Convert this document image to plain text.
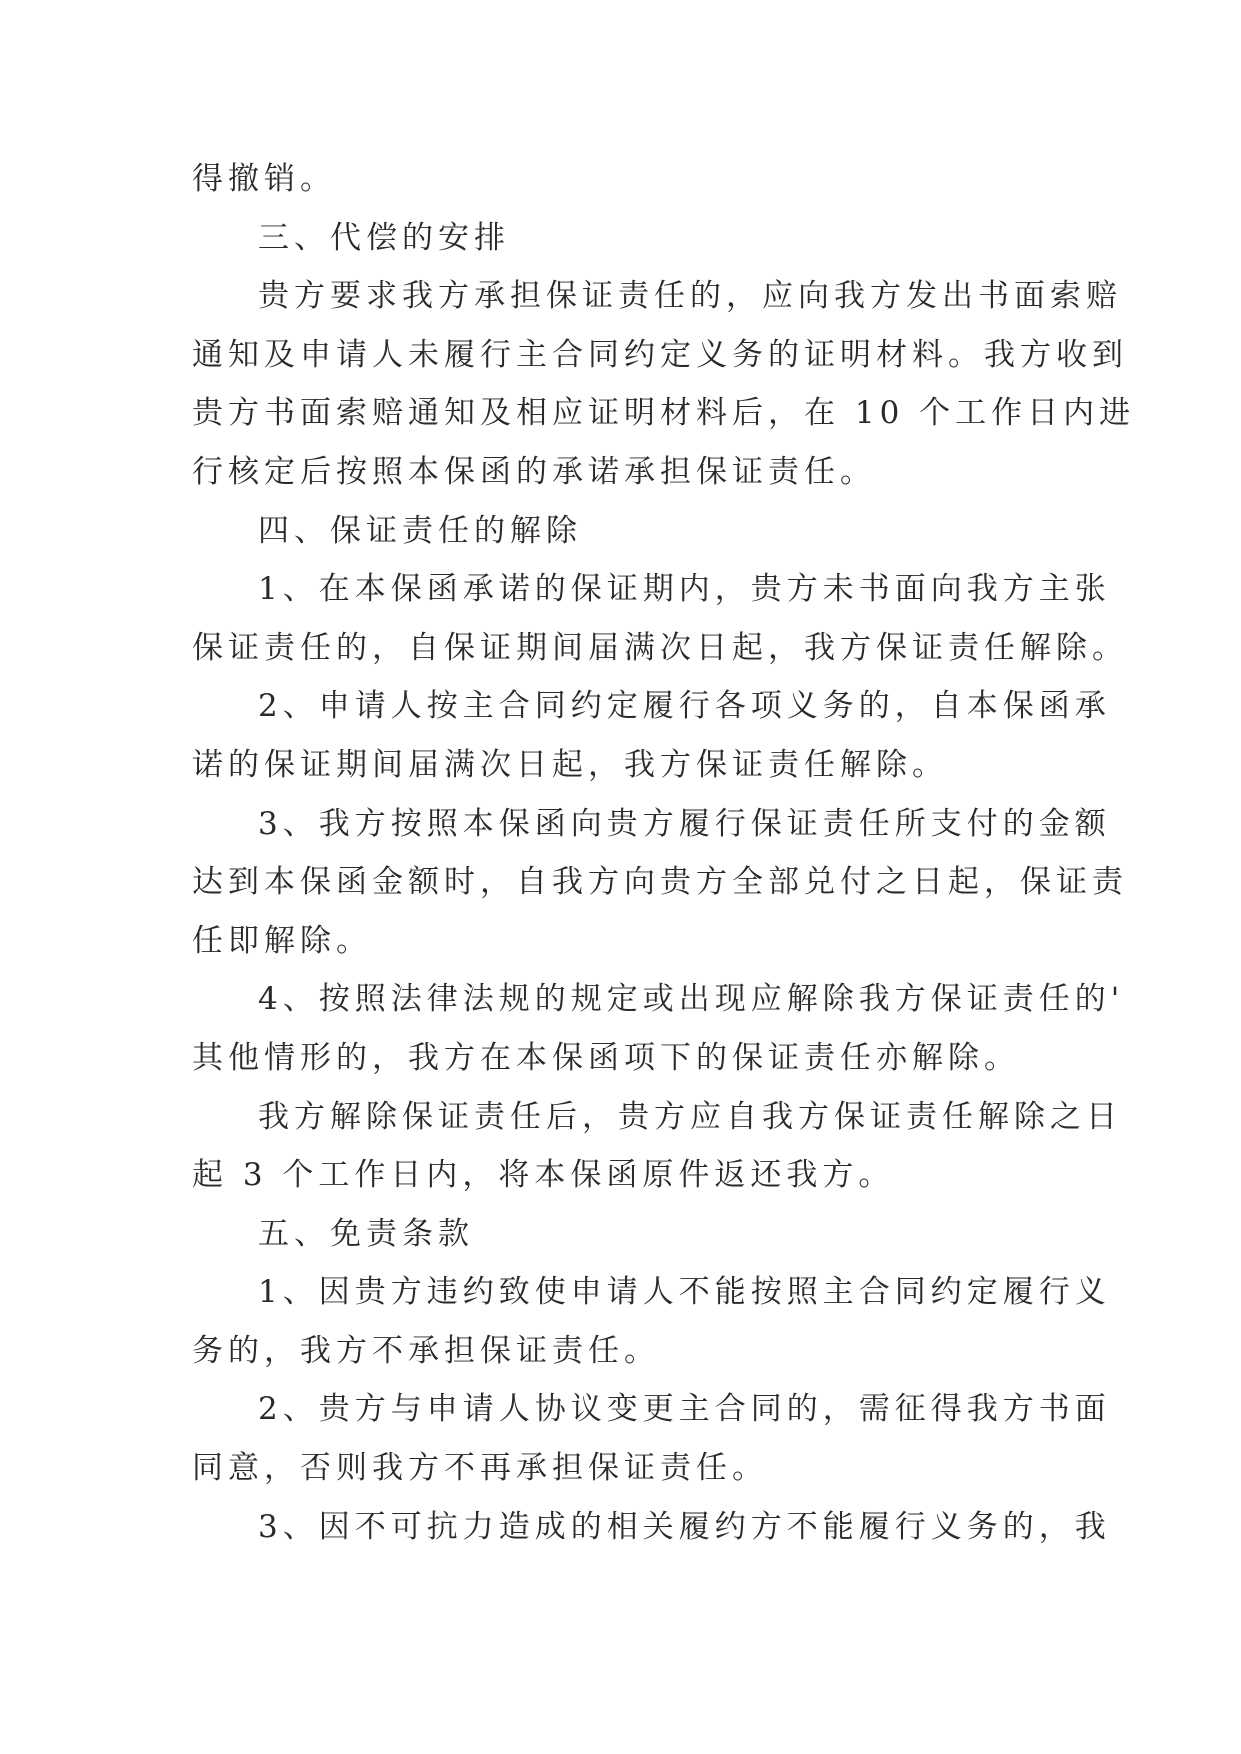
得撤销。
三、代偿的安排
贵方要求我方承担保证责任的，应向我方发出书面索赔
通知及申请人未履行主合同约定义务的证明材料。我方收到
贵方书面索赔通知及相应证明材料后，在 10 个工作日内进
行核定后按照本保函的承诺承担保证责任。
四、保证责任的解除
1、在本保函承诺的保证期内，贵方未书面向我方主张
保证责任的，自保证期间届满次日起，我方保证责任解除。
2、申请人按主合同约定履行各项义务的，自本保函承
诺的保证期间届满次日起，我方保证责任解除。
3、我方按照本保函向贵方履行保证责任所支付的金额
达到本保函金额时，自我方向贵方全部兑付之日起，保证责
任即解除。
4、按照法律法规的规定或出现应解除我方保证责任的'
其他情形的，我方在本保函项下的保证责任亦解除。
我方解除保证责任后，贵方应自我方保证责任解除之日
起 3 个工作日内，将本保函原件返还我方。
五、免责条款
1、因贵方违约致使申请人不能按照主合同约定履行义
务的，我方不承担保证责任。
2、贵方与申请人协议变更主合同的，需征得我方书面
同意，否则我方不再承担保证责任。
3、因不可抗力造成的相关履约方不能履行义务的，我
